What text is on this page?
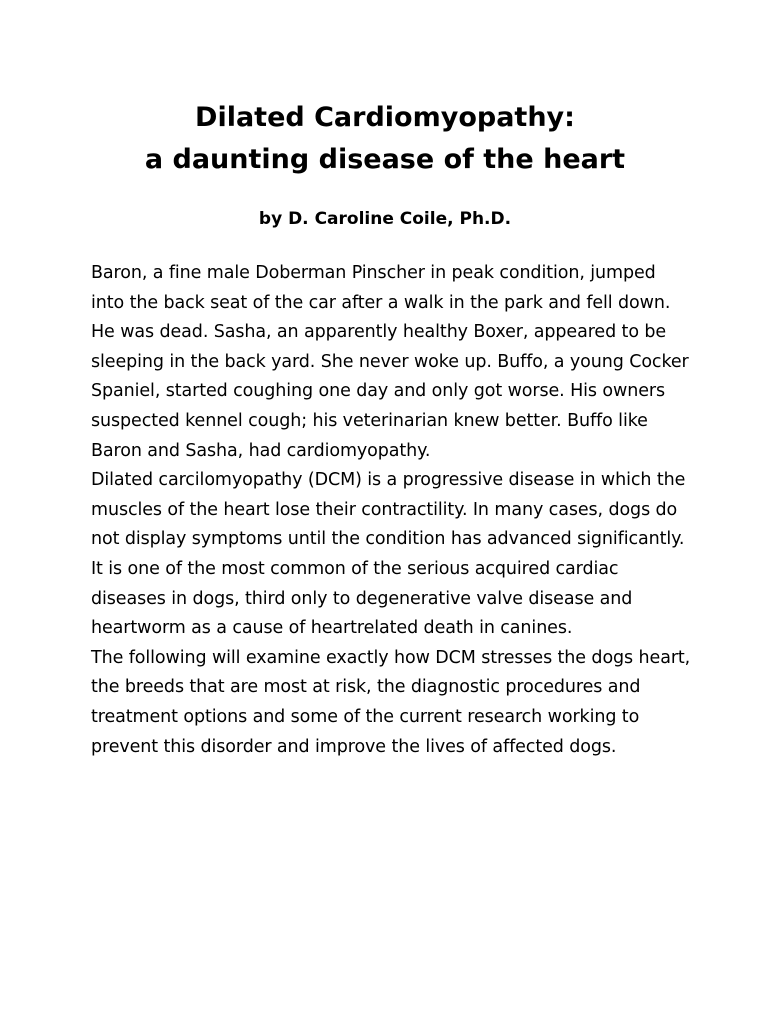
Dilated Cardiomyopathy:
a daunting disease of the heart
by D. Caroline Coile, Ph.D.

Baron, a fine male Doberman Pinscher in peak condition, jumped into the back seat of the car after a walk in the park and fell down. He was dead. Sasha, an apparently healthy Boxer, appeared to be sleeping in the back yard. She never woke up. Buffo, a young Cocker Spaniel, started coughing one day and only got worse. His owners suspected kennel cough; his veterinarian knew better. Buffo like Baron and Sasha, had cardiomyopathy.

Dilated carcilomyopathy (DCM) is a progressive disease in which the muscles of the heart lose their contractility. In many cases, dogs do not display symptoms until the condition has advanced significantly. It is one of the most common of the serious acquired cardiac diseases in dogs, third only to degenerative valve disease and heartworm as a cause of heartrelated death in canines.

The following will examine exactly how DCM stresses the dogs heart, the breeds that are most at risk, the diagnostic procedures and treatment options and some of the current research working to prevent this disorder and improve the lives of affected dogs.
